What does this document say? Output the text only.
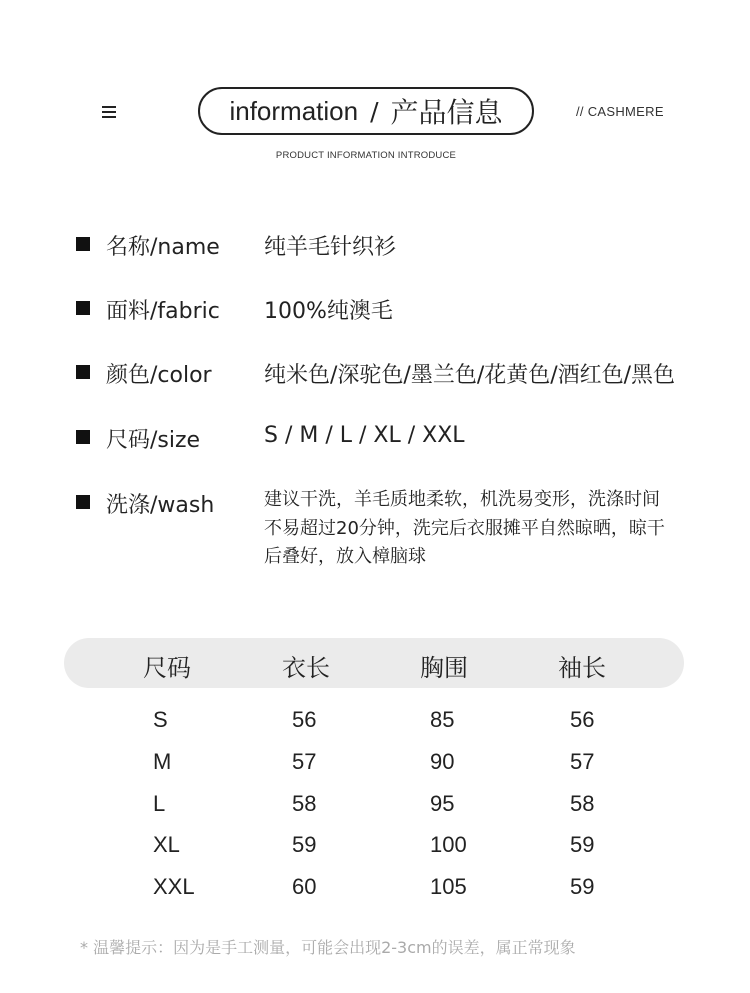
information / 产品信息	// CASHMERE
PRODUCT INFORMATION INTRODUCE
名称/name 纯羊毛针织衫
面料/fabric 100%纯澳毛
颜色/color 纯米色/深驼色/墨兰色/花黄色/酒红色/黑色
尺码/size	S / M / L / XL / XXL
洗涤/wash	建议干洗，羊毛质地柔软，机洗易变形，洗涤时间不易超过20分钟，洗完后衣服摊平自然晾晒，晾干后叠好，放入樟脑球
尺码	衣长	胸围	袖长
S	56	85	56
M	57	90	57
L	58	95	58
XL	59	100	59
XXL	60	105	59
* 温馨提示：因为是手工测量，可能会出现2-3cm的误差，属正常现象
